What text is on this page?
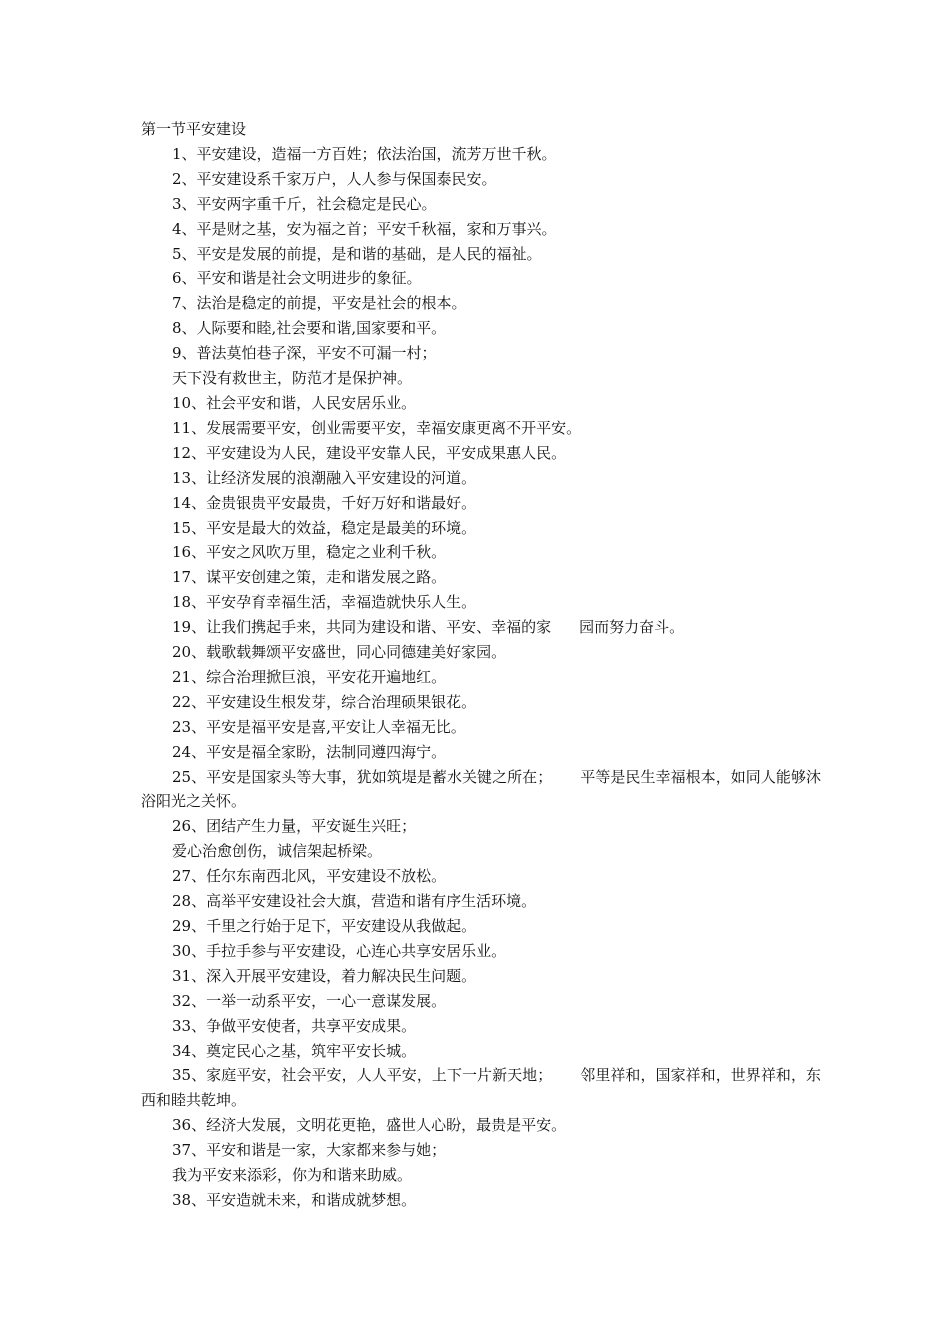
第一节平安建设
1、平安建设，造福一方百姓；依法治国，流芳万世千秋。
2、平安建设系千家万户，人人参与保国泰民安。
3、平安两字重千斤，社会稳定是民心。
4、平是财之基，安为福之首；平安千秋福，家和万事兴。
5、平安是发展的前提，是和谐的基础，是人民的福祉。
6、平安和谐是社会文明进步的象征。
7、法治是稳定的前提，平安是社会的根本。
8、人际要和睦,社会要和谐,国家要和平。
9、普法莫怕巷子深，平安不可漏一村；
天下没有救世主，防范才是保护神。
10、社会平安和谐，人民安居乐业。
11、发展需要平安，创业需要平安，幸福安康更离不开平安。
12、平安建设为人民，建设平安靠人民，平安成果惠人民。
13、让经济发展的浪潮融入平安建设的河道。
14、金贵银贵平安最贵，千好万好和谐最好。
15、平安是最大的效益，稳定是最美的环境。
16、平安之风吹万里，稳定之业利千秋。
17、谋平安创建之策，走和谐发展之路。
18、平安孕育幸福生活，幸福造就快乐人生。
19、让我们携起手来，共同为建设和谐、平安、幸福的家 园而努力奋斗。
20、载歌载舞颂平安盛世，同心同德建美好家园。
21、综合治理掀巨浪，平安花开遍地红。
22、平安建设生根发芽，综合治理硕果银花。
23、平安是福平安是喜,平安让人幸福无比。
24、平安是福全家盼，法制同遵四海宁。
25、平安是国家头等大事，犹如筑堤是蓄水关键之所在； 平等是民生幸福根本，如同人能够沐浴阳光之关怀。
26、团结产生力量，平安诞生兴旺；
爱心治愈创伤，诚信架起桥梁。
27、任尔东南西北风，平安建设不放松。
28、高举平安建设社会大旗，营造和谐有序生活环境。
29、千里之行始于足下，平安建设从我做起。
30、手拉手参与平安建设，心连心共享安居乐业。
31、深入开展平安建设，着力解决民生问题。
32、一举一动系平安，一心一意谋发展。
33、争做平安使者，共享平安成果。
34、奠定民心之基，筑牢平安长城。
35、家庭平安，社会平安，人人平安，上下一片新天地； 邻里祥和，国家祥和，世界祥和，东西和睦共乾坤。
36、经济大发展，文明花更艳，盛世人心盼，最贵是平安。
37、平安和谐是一家，大家都来参与她；
我为平安来添彩，你为和谐来助威。
38、平安造就未来，和谐成就梦想。
